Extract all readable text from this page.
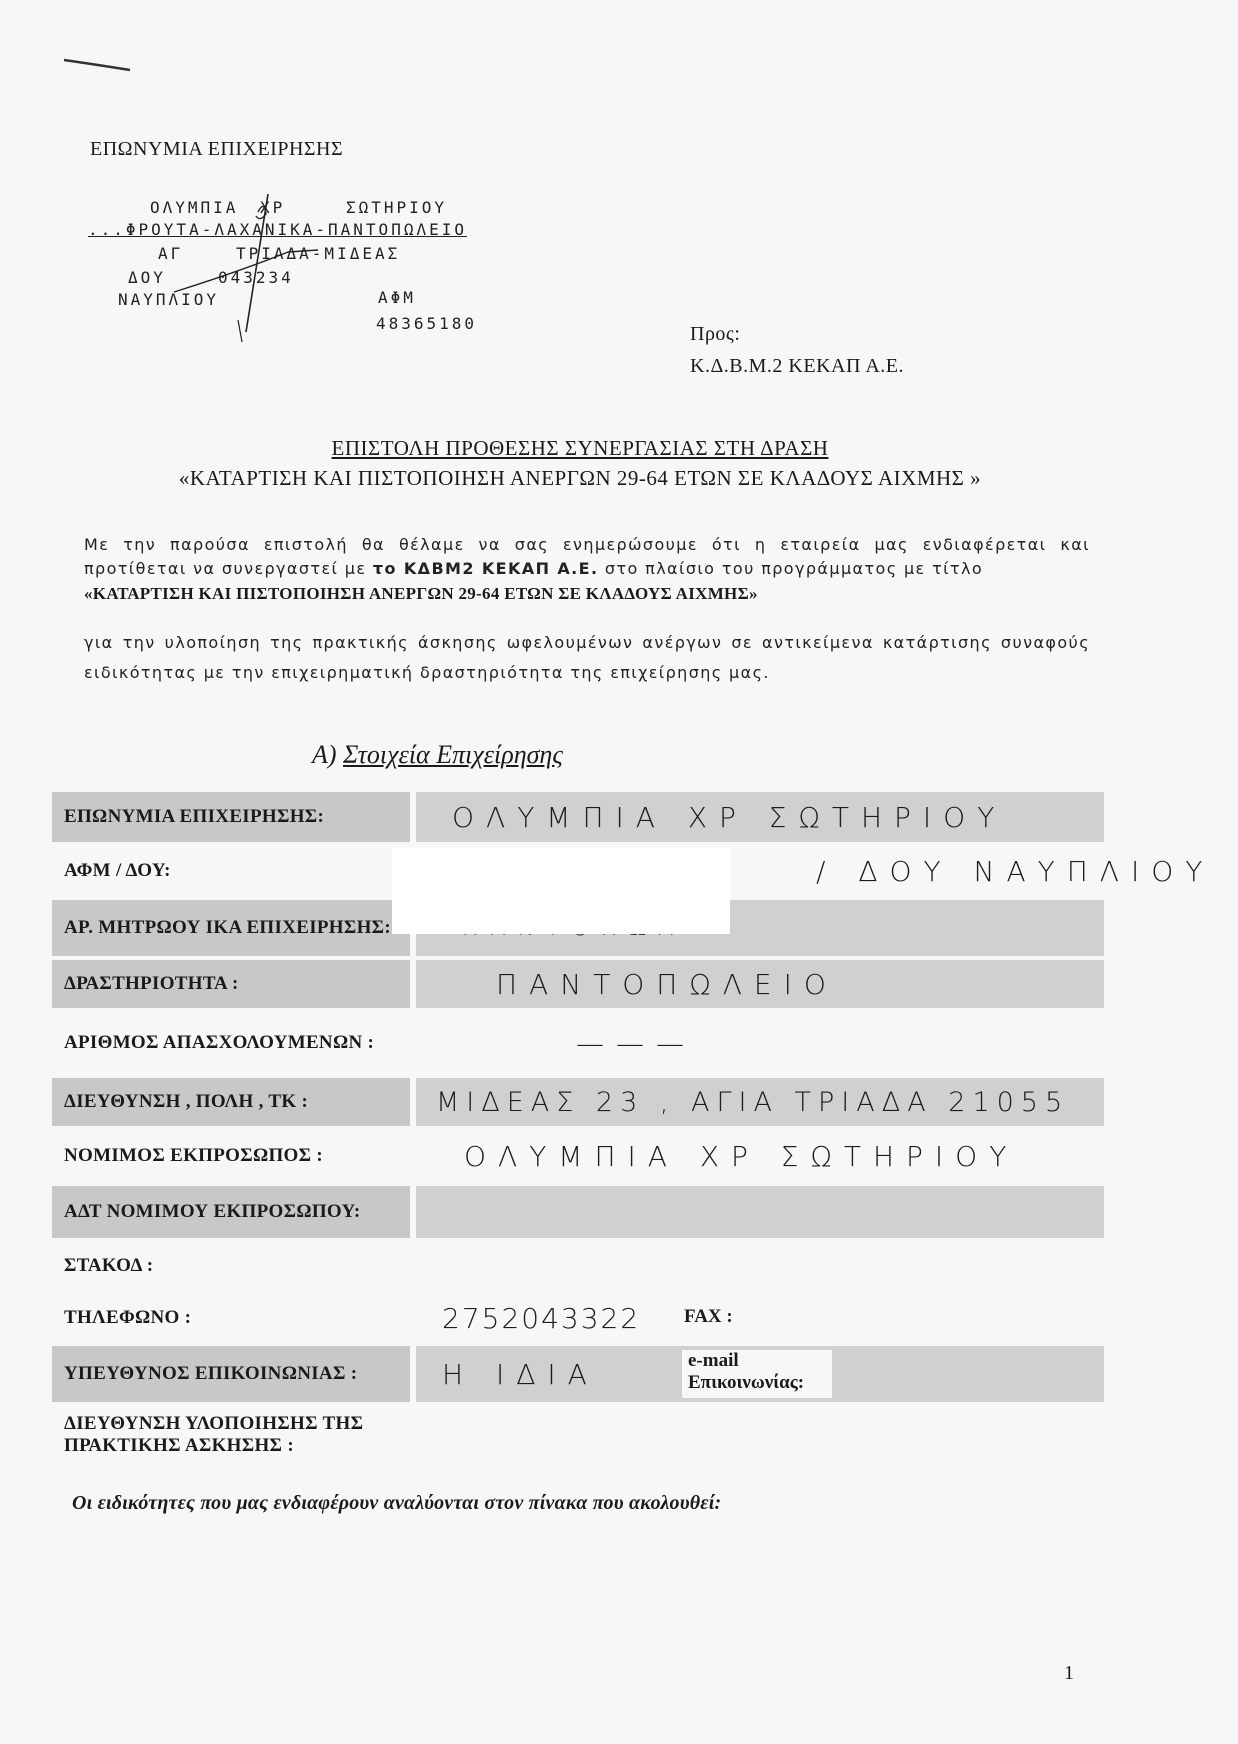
ΕΠΩΝΥΜΙΑ ΕΠΙΧΕΙΡΗΣΗΣ
ΟΛΥΜΠΙΑ	ΣΩΤΗΡΙΟΥ
ΧΡ
...ΦΡΟΥΤΑ-ΛΑΧΑΝΙΚΑ-ΠΑΝΤΟΠΩΛΕΙΟ
ΑΓ	ΤΡΙΑΔΑ-ΜΙΔΕΑΣ
ΔΟΥ	043234
ΑΦΜ
ΝΑΥΠΛΙΟΥ
48365180	Προς:
Κ.Δ.Β.Μ.2 ΚΕΚΑΠ Α.Ε.
ΕΠΙΣΤΟΛΗ ΠΡΟΘΕΣΗΣ ΣΥΝΕΡΓΑΣΙΑΣ ΣΤΗ ΔΡΑΣΗ
«ΚΑΤΑΡΤΙΣΗ ΚΑΙ ΠΙΣΤΟΠΟΙΗΣΗ ΑΝΕΡΓΩΝ 29-64 ΕΤΩΝ ΣΕ ΚΛΑΔΟΥΣ ΑΙΧΜΗΣ »
Με την παρούσα επιστολή θα θέλαμε να σας ενημερώσουμε ότι η εταιρεία μας ενδιαφέρεται και προτίθεται να συνεργαστεί με το ΚΔΒΜ2 ΚΕΚΑΠ Α.Ε. στο πλαίσιο του προγράμματος με τίτλο
«ΚΑΤΑΡΤΙΣΗ ΚΑΙ ΠΙΣΤΟΠΟΙΗΣΗ ΑΝΕΡΓΩΝ 29-64 ΕΤΩΝ ΣΕ ΚΛΑΔΟΥΣ ΑΙΧΜΗΣ»
για την υλοποίηση της πρακτικής άσκησης ωφελουμένων ανέργων σε αντικείμενα κατάρτισης συναφούς ειδικότητας με την επιχειρηματική δραστηριότητα της επιχείρησης μας.
Α) Στοιχεία Επιχείρησης
ΕΠΩΝΥΜΙΑ ΕΠΙΧΕΙΡΗΣΗΣ:	ΟΛΥΜΠΙΑ ΧΡ ΣΩΤΗΡΙΟΥ
ΑΦΜ / ΔΟΥ:	/ ΔΟΥ ΝΑΥΠΛΙΟΥ
ΑΡ. ΜΗΤΡΩΟΥ ΙΚΑ ΕΠΙΧΕΙΡΗΣΗΣ:
ΔΡΑΣΤΗΡΙΟΤΗΤΑ :	ΠΑΝΤΟΠΩΛΕΙΟ
ΑΡΙΘΜΟΣ ΑΠΑΣΧΟΛΟΥΜΕΝΩΝ :	———
ΔΙΕΥΘΥΝΣΗ , ΠΟΛΗ , ΤΚ :	ΜΙΔΕΑΣ 23 , ΑΓΙΑ ΤΡΙΑΔΑ 21055
ΝΟΜΙΜΟΣ ΕΚΠΡΟΣΩΠΟΣ :	ΟΛΥΜΠΙΑ ΧΡ ΣΩΤΗΡΙΟΥ
ΑΔΤ ΝΟΜΙΜΟΥ ΕΚΠΡΟΣΩΠΟΥ:
ΣΤΑΚΟΔ :
ΤΗΛΕΦΩΝΟ :	2752043322 FAX :
ΥΠΕΥΘΥΝΟΣ ΕΠΙΚΟΙΝΩΝΙΑΣ :	Η ΙΔΙΑ	e-mail
Επικοινωνίας:
ΔΙΕΥΘΥΝΣΗ ΥΛΟΠΟΙΗΣΗΣ ΤΗΣ ΠΡΑΚΤΙΚΗΣ ΑΣΚΗΣΗΣ :
Οι ειδικότητες που μας ενδιαφέρουν αναλύονται στον πίνακα που ακολουθεί:
1
